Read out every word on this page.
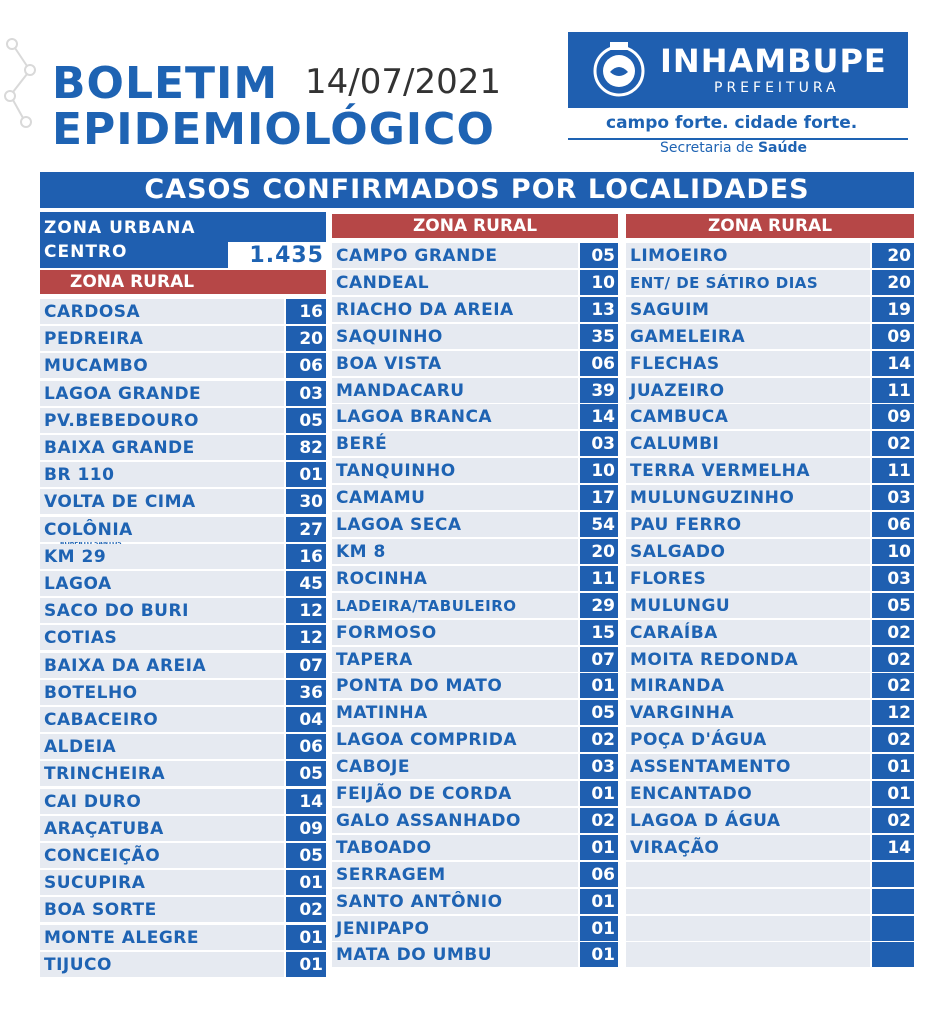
BOLETIM 14/07/2021
EPIDEMIOLÓGICO
INHAMBUPE
PREFEITURA
campo forte. cidade forte.
Secretaria de Saúde
CASOS CONFIRMADOS POR LOCALIDADES
ZONA URBANA
CENTRO	1.435
ZONA RURAL
ZONA RURAL	ZONA RURAL
CARDOSA	16
PEDREIRA	20
MUCAMBO	06
LAGOA GRANDE	03
PV.BEBEDOURO	05
BAIXA GRANDE	82
BR 110	01
VOLTA DE CIMA	30
COLÔNIA	27
KM 29	16
LAGOA	45
SACO DO BURI	12
COTIAS	12
BAIXA DA AREIA	07
BOTELHO	36
CABACEIRO	04
ALDEIA	06
TRINCHEIRA	05
CAI DURO	14
ARAÇATUBA	09
CONCEIÇÃO	05
SUCUPIRA	01
BOA SORTE	02
MONTE ALEGRE	01
TIJUCO	01
CAMPO GRANDE	05
CANDEAL	10
RIACHO DA AREIA	13
SAQUINHO	35
BOA VISTA	06
MANDACARU	39
LAGOA BRANCA	14
BERÉ	03
TANQUINHO	10
CAMAMU	17
LAGOA SECA	54
KM 8	20
ROCINHA	11
LADEIRA/TABULEIRO	29
FORMOSO	15
TAPERA	07
PONTA DO MATO	01
MATINHA	05
LAGOA COMPRIDA	02
CABOJE	03
FEIJÃO DE CORDA	01
GALO ASSANHADO	02
TABOADO	01
SERRAGEM	06
SANTO ANTÔNIO	01
JENIPAPO	01
MATA DO UMBU	01
LIMOEIRO	20
ENT/ DE SÁTIRO DIAS	20
SAGUIM	19
GAMELEIRA	09
FLECHAS	14
JUAZEIRO	11
CAMBUCA	09
CALUMBI	02
TERRA VERMELHA	11
MULUNGUZINHO	03
PAU FERRO	06
SALGADO	10
FLORES	03
MULUNGU	05
CARAÍBA	02
MOITA REDONDA	02
MIRANDA	02
VARGINHA	12
POÇA D'ÁGUA	02
ASSENTAMENTO	01
ENCANTADO	01
LAGOA D ÁGUA	02
VIRAÇÃO	14
